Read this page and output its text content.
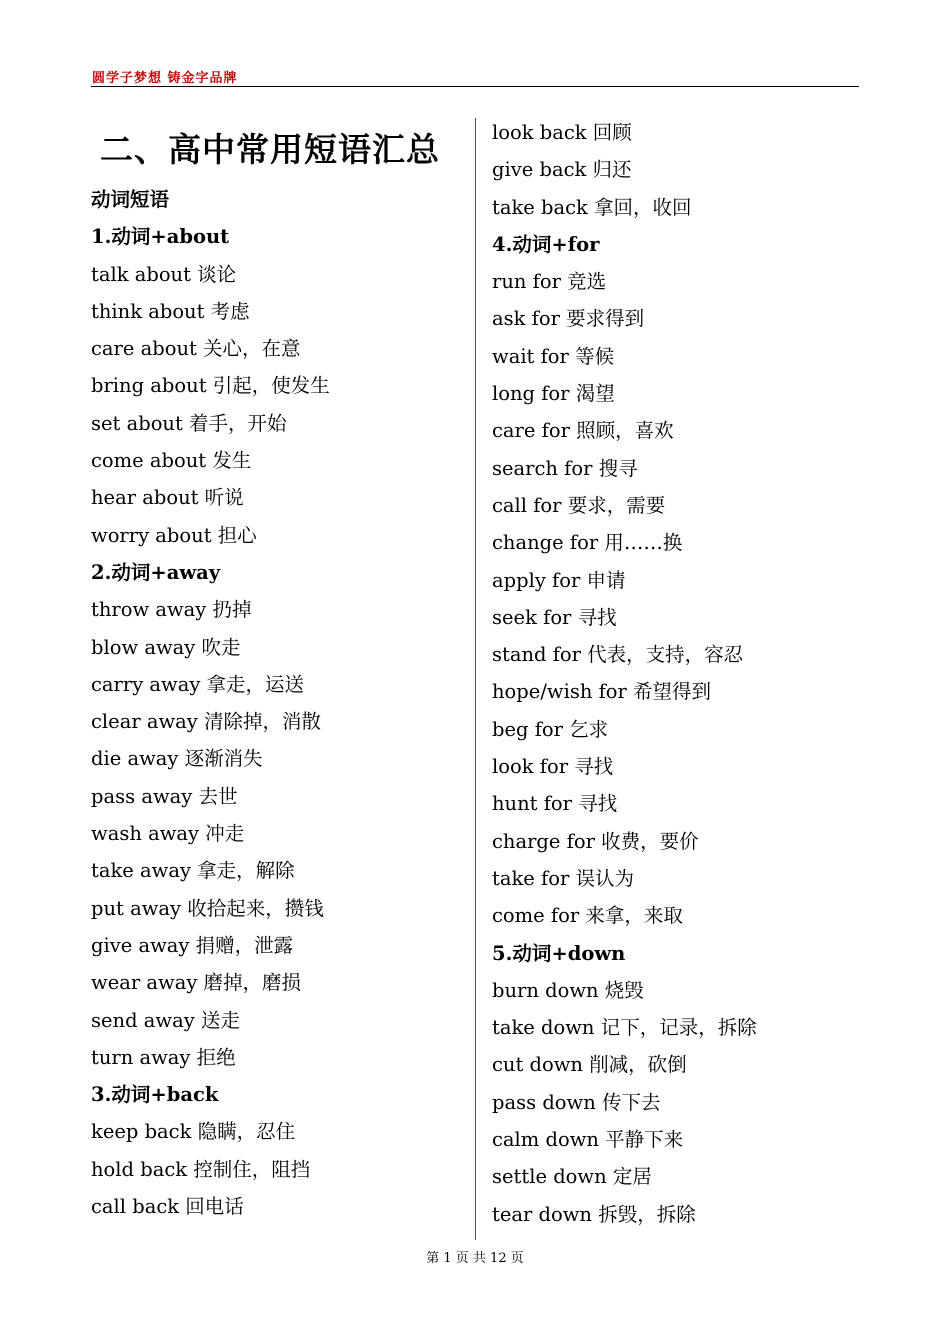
圆学子梦想 铸金字品牌
二、高中常用短语汇总
动词短语
1.动词+about
talk about 谈论
think about 考虑
care about 关心，在意
bring about 引起，使发生
set about 着手，开始
come about 发生
hear about 听说
worry about 担心
2.动词+away
throw away 扔掉
blow away 吹走
carry away 拿走，运送
clear away 清除掉，消散
die away 逐渐消失
pass away 去世
wash away 冲走
take away 拿走，解除
put away 收拾起来，攒钱
give away 捐赠，泄露
wear away 磨掉，磨损
send away 送走
turn away 拒绝
3.动词+back
keep back 隐瞒，忍住
hold back 控制住，阻挡
call back 回电话
look back 回顾
give back 归还
take back 拿回，收回
4.动词+for
run for 竞选
ask for 要求得到
wait for 等候
long for 渴望
care for 照顾，喜欢
search for 搜寻
call for 要求，需要
change for 用……换
apply for 申请
seek for 寻找
stand for 代表，支持，容忍
hope/wish for 希望得到
beg for 乞求
look for 寻找
hunt for 寻找
charge for 收费，要价
take for 误认为
come for 来拿，来取
5.动词+down
burn down 烧毁
take down 记下，记录，拆除
cut down 削减，砍倒
pass down 传下去
calm down 平静下来
settle down 定居
tear down 拆毁，拆除
第 1 页 共 12 页
